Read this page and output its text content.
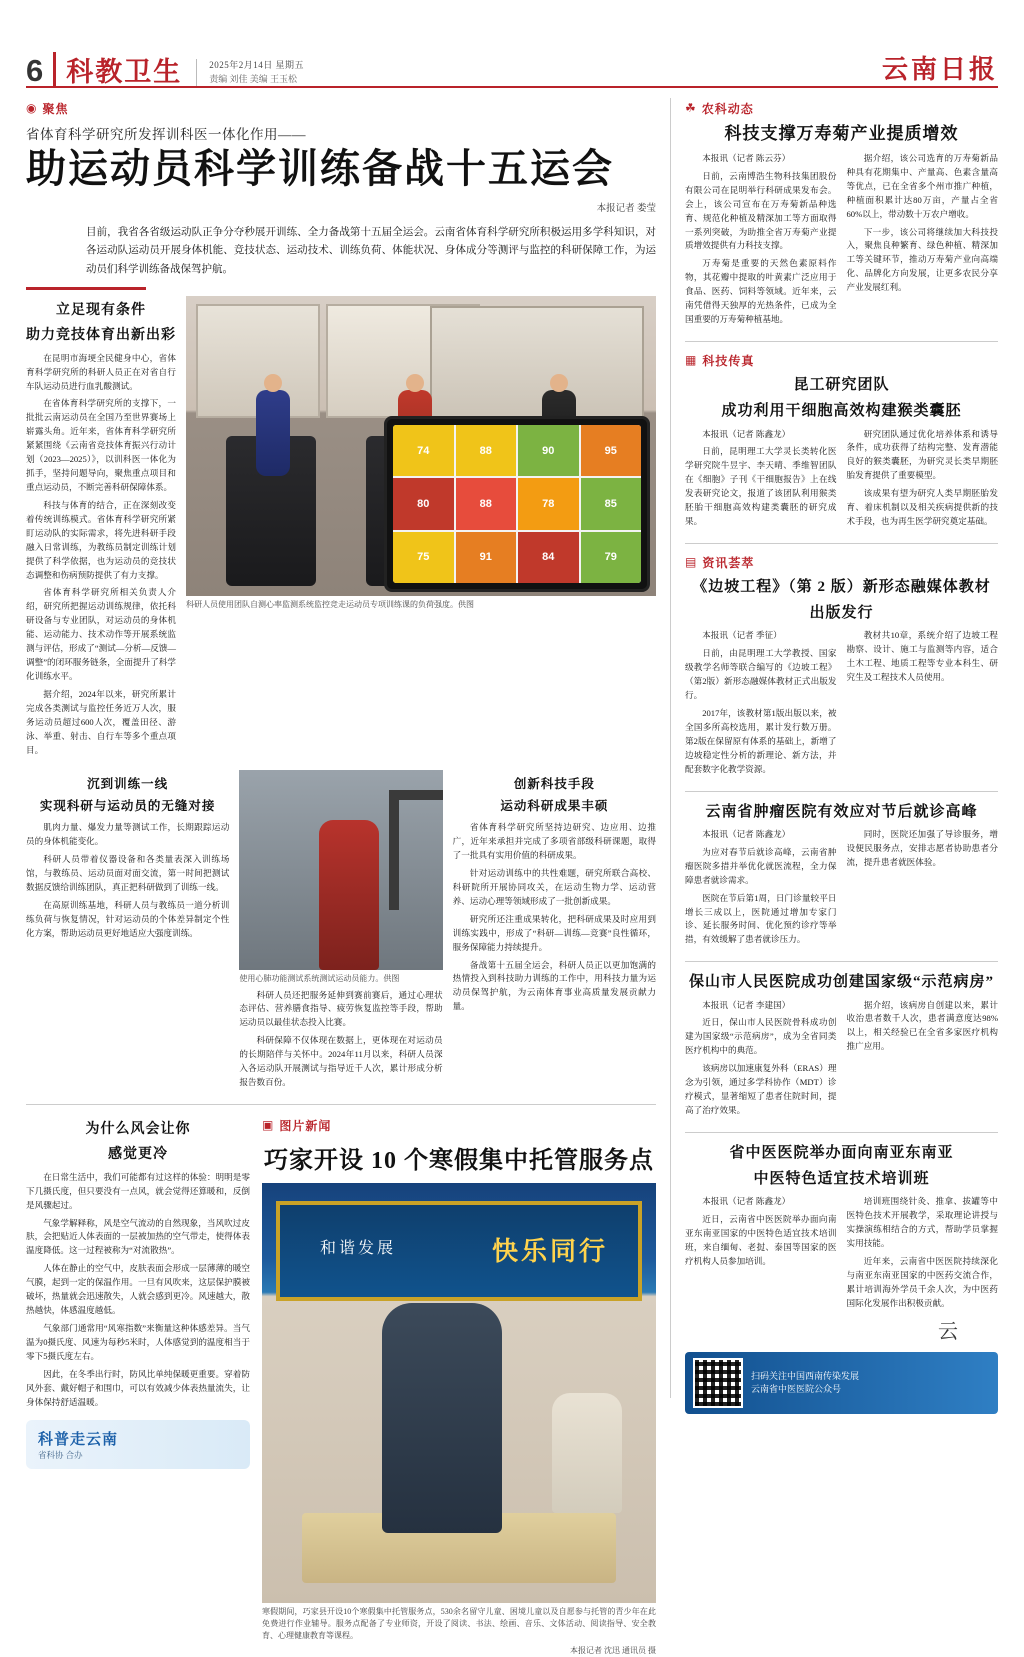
6 科教卫生	2025年2月14日 星期五
责编 刘佳 美编 王玉松	云南日报
◉ 聚焦
省体育科学研究所发挥训科医一体化作用——
助运动员科学训练备战十五运会
本报记者 娄莹
目前，我省各省级运动队正争分夺秒展开训练、全力备战第十五届全运会。云南省体育科学研究所积极运用多学科知识，对各运动队运动员开展身体机能、竞技状态、运动技术、训练负荷、体能状况、身体成分等测评与监控的科研保障工作，为运动员们科学训练备战保驾护航。
立足现有条件
助力竞技体育出新出彩

在昆明市海埂全民健身中心，省体育科学研究所的科研人员正在对省自行车队运动员进行血乳酸测试。

在省体育科学研究所的支撑下，一批批云南运动员在全国乃至世界赛场上崭露头角。近年来，省体育科学研究所紧紧围绕《云南省竞技体育振兴行动计划（2023—2025）》，以训科医一体化为抓手，坚持问题导向，聚焦重点项目和重点运动员，不断完善科研保障体系。

科技与体育的结合，正在深刻改变着传统训练模式。省体育科学研究所紧盯运动队的实际需求，将先进科研手段融入日常训练，为教练员制定训练计划提供了科学依据，也为运动员的竞技状态调整和伤病预防提供了有力支撑。

省体育科学研究所相关负责人介绍，研究所把握运动训练规律，依托科研设备与专业团队，对运动员的身体机能、运动能力、技术动作等开展系统监测与评估，形成了“测试—分析—反馈—调整”的闭环服务链条，全面提升了科学化训练水平。

据介绍，2024年以来，研究所累计完成各类测试与监控任务近万人次，服务运动员超过600人次，覆盖田径、游泳、举重、射击、自行车等多个重点项目。

74	88	90	95
80	88	78	85
75	91	84	79
科研人员使用团队自测心率监测系统监控竞走运动员专项训练课的负荷强度。供图
沉到训练一线
实现科研与运动员的无缝对接

肌肉力量、爆发力量等测试工作，长期跟踪运动员的身体机能变化。

科研人员带着仪器设备和各类量表深入训练场馆，与教练员、运动员面对面交流，第一时间把测试数据反馈给训练团队，真正把科研做到了训练一线。

在高原训练基地，科研人员与教练员一道分析训练负荷与恢复情况，针对运动员的个体差异制定个性化方案，帮助运动员更好地适应大强度训练。

使用心肺功能测试系统测试运动员能力。供图

科研人员还把服务延伸到赛前赛后，通过心理状态评估、营养膳食指导、疲劳恢复监控等手段，帮助运动员以最佳状态投入比赛。

科研保障不仅体现在数据上，更体现在对运动员的长期陪伴与关怀中。2024年11月以来，科研人员深入各运动队开展测试与指导近千人次，累计形成分析报告数百份。

创新科技手段
运动科研成果丰硕

省体育科学研究所坚持边研究、边应用、边推广，近年来承担并完成了多项省部级科研课题，取得了一批具有实用价值的科研成果。

针对运动训练中的共性难题，研究所联合高校、科研院所开展协同攻关，在运动生物力学、运动营养、运动心理等领域形成了一批创新成果。

研究所还注重成果转化，把科研成果及时应用到训练实践中，形成了“科研—训练—竞赛”良性循环，服务保障能力持续提升。

备战第十五届全运会，科研人员正以更加饱满的热情投入到科技助力训练的工作中，用科技力量为运动员保驾护航，为云南体育事业高质量发展贡献力量。

为什么风会让你
感觉更冷

在日常生活中，我们可能都有过这样的体验：明明是零下几摄氏度，但只要没有一点风，就会觉得还算暖和，反倒是风骤起过。

气象学解释称，风是空气流动的自然现象，当风吹过皮肤，会把贴近人体表面的一层被加热的空气带走，使得体表温度降低。这一过程被称为“对流散热”。

人体在静止的空气中，皮肤表面会形成一层薄薄的暖空气膜，起到一定的保温作用。一旦有风吹来，这层保护膜被破坏，热量就会迅速散失，人就会感到更冷。风速越大，散热越快，体感温度越低。

气象部门通常用“风寒指数”来衡量这种体感差异。当气温为0摄氏度、风速为每秒5米时，人体感觉到的温度相当于零下5摄氏度左右。

因此，在冬季出行时，防风比单纯保暖更重要。穿着防风外套、戴好帽子和围巾，可以有效减少体表热量流失，让身体保持舒适温暖。

科普走云南
省科协 合办
▣ 图片新闻
巧家开设 10 个寒假集中托管服务点
快乐同行
和谐发展
寒假期间，巧家县开设10个寒假集中托管服务点，530余名留守儿童、困境儿童以及自愿参与托管的青少年在此免费进行作业辅导。服务点配备了专业师资，开设了阅读、书法、绘画、音乐、文体活动、阅读指导、安全教育、心理健康教育等课程。
本报记者 沈迅 通讯员 摄
☘ 农科动态
科技支撑万寿菊产业提质增效

本报讯（记者 陈云芬）

日前，云南博浩生物科技集团股份有限公司在昆明举行科研成果发布会。会上，该公司宣布在万寿菊新品种选育、规范化种植及精深加工等方面取得一系列突破，为助推全省万寿菊产业提质增效提供有力科技支撑。

万寿菊是重要的天然色素原料作物，其花瓣中提取的叶黄素广泛应用于食品、医药、饲料等领域。近年来，云南凭借得天独厚的光热条件，已成为全国重要的万寿菊种植基地。

据介绍，该公司选育的万寿菊新品种具有花期集中、产量高、色素含量高等优点，已在全省多个州市推广种植，种植面积累计达80万亩，产量占全省60%以上，带动数十万农户增收。

下一步，该公司将继续加大科技投入，聚焦良种繁育、绿色种植、精深加工等关键环节，推动万寿菊产业向高端化、品牌化方向发展，让更多农民分享产业发展红利。

▦ 科技传真
昆工研究团队
成功利用干细胞高效构建猴类囊胚

本报讯（记者 陈鑫龙）

日前，昆明理工大学灵长类转化医学研究院牛昱宇、李天晴、季维智团队在《细胞》子刊《干细胞报告》上在线发表研究论文，报道了该团队利用猴类胚胎干细胞高效构建类囊胚的研究成果。

研究团队通过优化培养体系和诱导条件，成功获得了结构完整、发育潜能良好的猴类囊胚，为研究灵长类早期胚胎发育提供了重要模型。

该成果有望为研究人类早期胚胎发育、着床机制以及相关疾病提供新的技术手段，也为再生医学研究奠定基础。

▤ 资讯荟萃
《边坡工程》（第 2 版）新形态融媒体教材
出版发行

本报讯（记者 季征）

日前，由昆明理工大学教授、国家级教学名师等联合编写的《边坡工程》（第2版）新形态融媒体教材正式出版发行。

2017年，该教材第1版出版以来，被全国多所高校选用，累计发行数万册。第2版在保留原有体系的基础上，新增了边坡稳定性分析的新理论、新方法，并配套数字化教学资源。

教材共10章，系统介绍了边坡工程勘察、设计、施工与监测等内容，适合土木工程、地质工程等专业本科生、研究生及工程技术人员使用。

云南省肿瘤医院有效应对节后就诊高峰

本报讯（记者 陈鑫龙）

为应对春节后就诊高峰，云南省肿瘤医院多措并举优化就医流程，全力保障患者就诊需求。

医院在节后第1周，日门诊量较平日增长三成以上，医院通过增加专家门诊、延长服务时间、优化预约诊疗等举措，有效缓解了患者就诊压力。

同时，医院还加强了导诊服务，增设便民服务点，安排志愿者协助患者分流，提升患者就医体验。

保山市人民医院成功创建国家级“示范病房”

本报讯（记者 李建国）

近日，保山市人民医院骨科成功创建为国家级“示范病房”，成为全省同类医疗机构中的典范。

该病房以加速康复外科（ERAS）理念为引领，通过多学科协作（MDT）诊疗模式，显著缩短了患者住院时间，提高了治疗效果。

据介绍，该病房自创建以来，累计收治患者数千人次，患者满意度达98%以上，相关经验已在全省多家医疗机构推广应用。

省中医医院举办面向南亚东南亚
中医特色适宜技术培训班

本报讯（记者 陈鑫龙）

近日，云南省中医医院举办面向南亚东南亚国家的中医特色适宜技术培训班，来自缅甸、老挝、泰国等国家的医疗机构人员参加培训。

培训班围绕针灸、推拿、拔罐等中医特色技术开展教学，采取理论讲授与实操演练相结合的方式，帮助学员掌握实用技能。

近年来，云南省中医医院持续深化与南亚东南亚国家的中医药交流合作，累计培训海外学员千余人次，为中医药国际化发展作出积极贡献。

云
扫码关注中国西南传染发展
云南省中医医院公众号
